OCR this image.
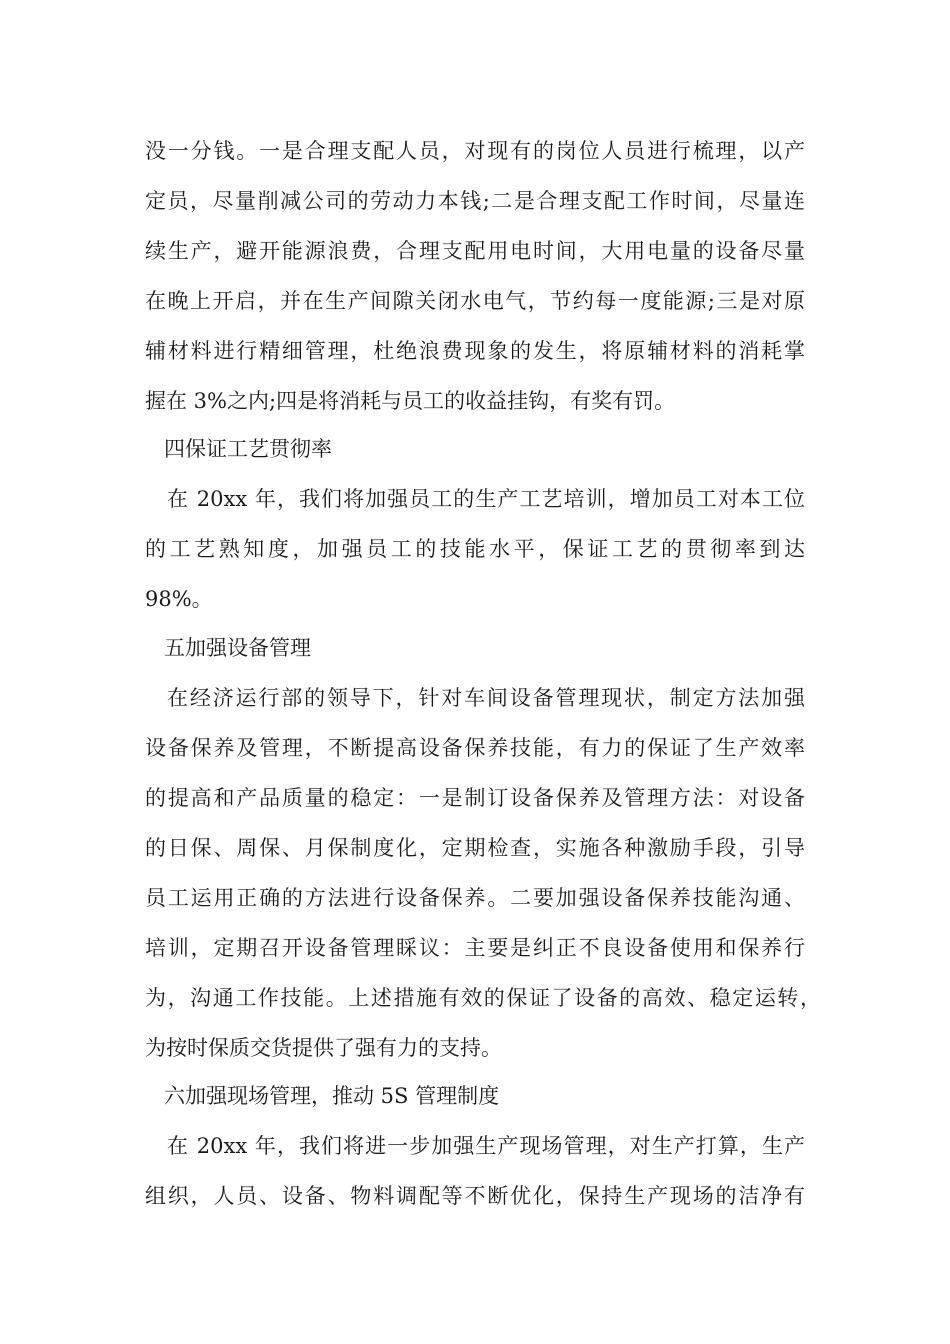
没一分钱。一是合理支配人员，对现有的岗位人员进行梳理，以产
定员，尽量削减公司的劳动力本钱;二是合理支配工作时间，尽量连
续生产，避开能源浪费，合理支配用电时间，大用电量的设备尽量
在晚上开启，并在生产间隙关闭水电气，节约每一度能源;三是对原
辅材料进行精细管理，杜绝浪费现象的发生，将原辅材料的消耗掌
握在 3%之内;四是将消耗与员工的收益挂钩，有奖有罚。
四保证工艺贯彻率
在 20xx 年，我们将加强员工的生产工艺培训，增加员工对本工位
的工艺熟知度，加强员工的技能水平，保证工艺的贯彻率到达
98%。
五加强设备管理
在经济运行部的领导下，针对车间设备管理现状，制定方法加强
设备保养及管理，不断提高设备保养技能，有力的保证了生产效率
的提高和产品质量的稳定：一是制订设备保养及管理方法：对设备
的日保、周保、月保制度化，定期检查，实施各种激励手段，引导
员工运用正确的方法进行设备保养。二要加强设备保养技能沟通、
培训，定期召开设备管理睬议：主要是纠正不良设备使用和保养行
为，沟通工作技能。上述措施有效的保证了设备的高效、稳定运转，
为按时保质交货提供了强有力的支持。
六加强现场管理，推动 5S 管理制度
在 20xx 年，我们将进一步加强生产现场管理，对生产打算，生产
组织，人员、设备、物料调配等不断优化，保持生产现场的洁净有
